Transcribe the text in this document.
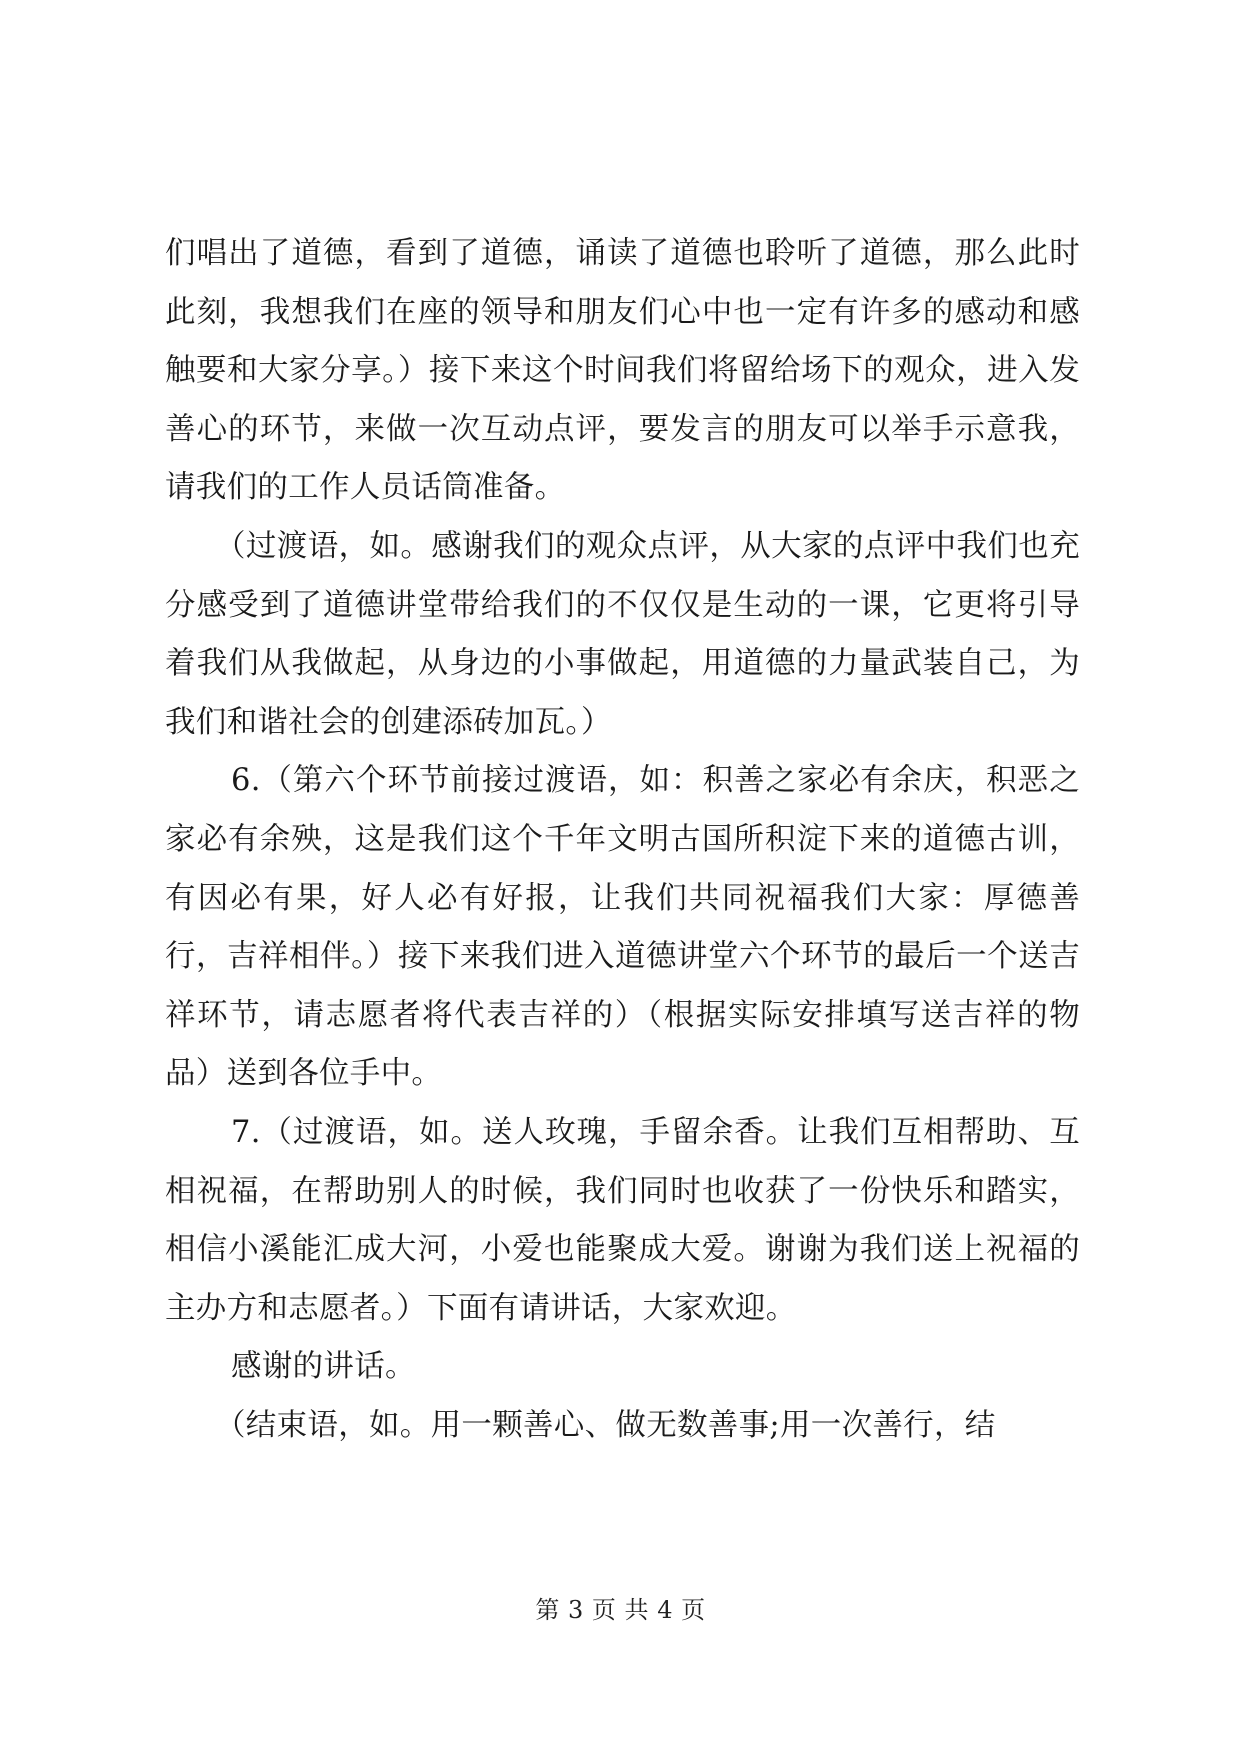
们唱出了道德，看到了道德，诵读了道德也聆听了道德，那么此时此刻，我想我们在座的领导和朋友们心中也一定有许多的感动和感触要和大家分享。）接下来这个时间我们将留给场下的观众，进入发善心的环节，来做一次互动点评，要发言的朋友可以举手示意我，请我们的工作人员话筒准备。

（过渡语，如。感谢我们的观众点评，从大家的点评中我们也充分感受到了道德讲堂带给我们的不仅仅是生动的一课，它更将引导着我们从我做起，从身边的小事做起，用道德的力量武装自己，为我们和谐社会的创建添砖加瓦。）

6.（第六个环节前接过渡语，如：积善之家必有余庆，积恶之家必有余殃，这是我们这个千年文明古国所积淀下来的道德古训，有因必有果，好人必有好报，让我们共同祝福我们大家：厚德善行，吉祥相伴。）接下来我们进入道德讲堂六个环节的最后一个送吉祥环节，请志愿者将代表吉祥的）（根据实际安排填写送吉祥的物品）送到各位手中。

7.（过渡语，如。送人玫瑰，手留余香。让我们互相帮助、互相祝福，在帮助别人的时候，我们同时也收获了一份快乐和踏实，相信小溪能汇成大河，小爱也能聚成大爱。谢谢为我们送上祝福的主办方和志愿者。）下面有请讲话，大家欢迎。

感谢的讲话。

（结束语，如。用一颗善心、做无数善事;用一次善行，结

第 3 页 共 4 页
